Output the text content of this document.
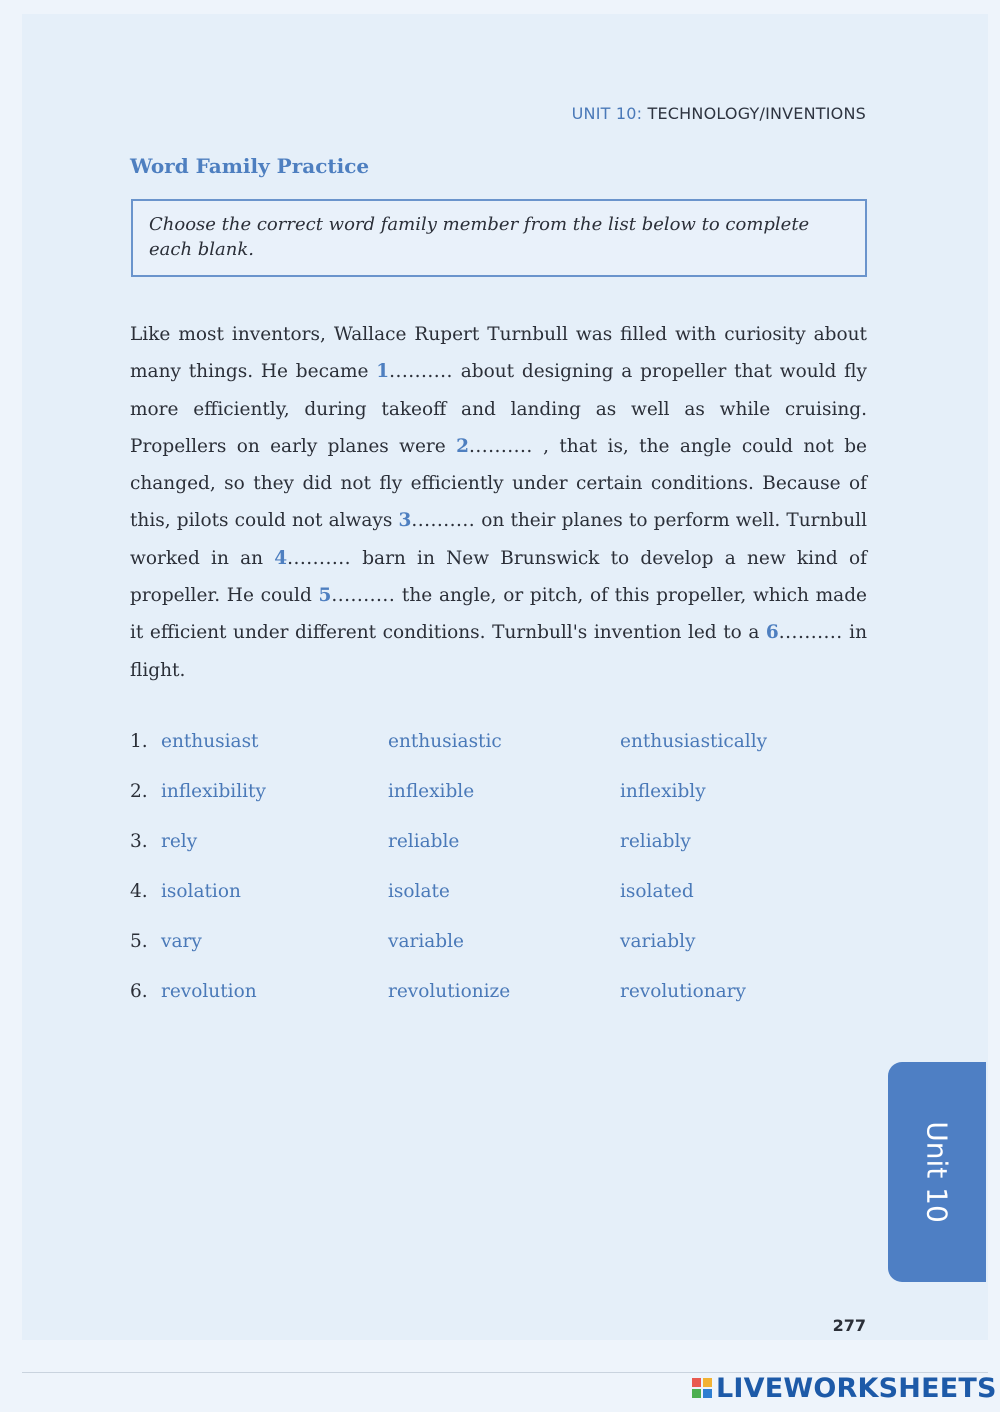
UNIT 10: TECHNOLOGY/INVENTIONS
Word Family Practice
Choose the correct word family member from the list below to complete each blank.
Like most inventors, Wallace Rupert Turnbull was filled with curiosity about many things. He became 1.......... about designing a propeller that would fly more efficiently, during takeoff and landing as well as while cruising. Propellers on early planes were 2.......... , that is, the angle could not be changed, so they did not fly efficiently under certain conditions. Because of this, pilots could not always 3.......... on their planes to perform well. Turnbull worked in an 4.......... barn in New Brunswick to develop a new kind of propeller. He could 5.......... the angle, or pitch, of this propeller, which made it efficient under different conditions. Turnbull's invention led to a 6.......... in flight.
1. enthusiast	enthusiastic	enthusiastically
2. inflexibility	inflexible	inflexibly
3. rely	reliable	reliably
4. isolation	isolate	isolated
5. vary	variable	variably
6. revolution	revolutionize	revolutionary
Unit 10
277
LIVEWORKSHEETS
